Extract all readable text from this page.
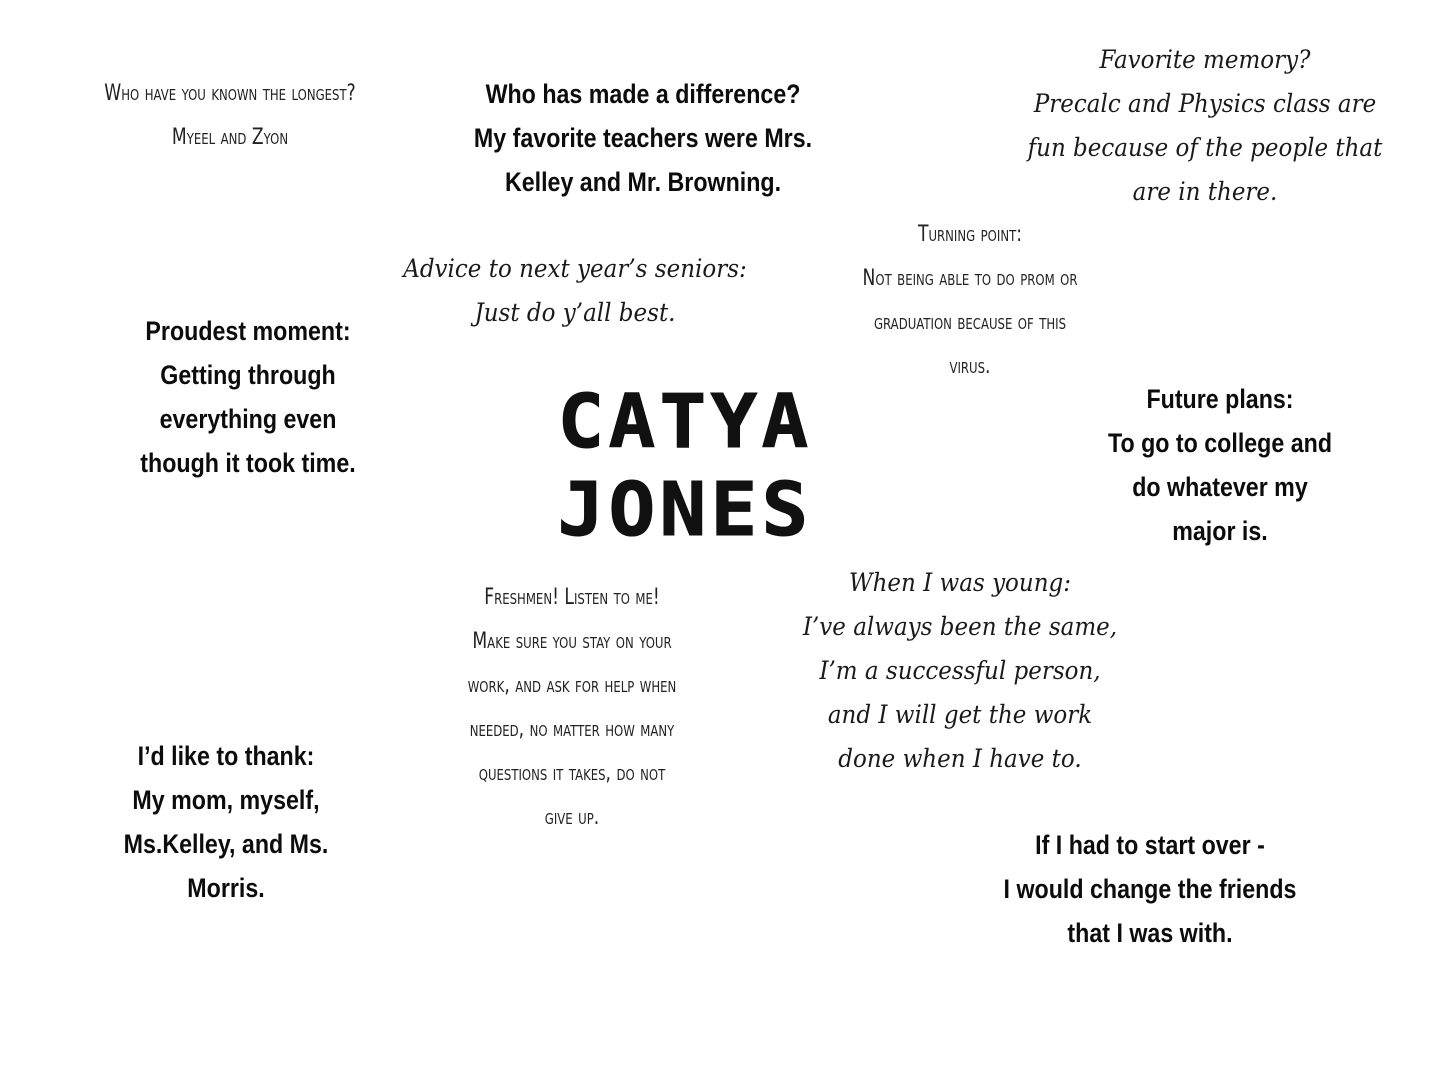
Who have you known the longest?
Myeel and Zyon
Who has made a difference?
My favorite teachers were Mrs.
Kelley and Mr. Browning.
Favorite memory?
Precalc and Physics class are
fun because of the people that
are in there.
Advice to next year’s seniors:
Just do y’all best.
Turning point:
Not being able to do prom or
graduation because of this
virus.
Proudest moment:
Getting through
everything even
though it took time.	CATYA
JONES
Future plans:
To go to college and
do whatever my
major is.
Freshmen! Listen to me!
Make sure you stay on your
work, and ask for help when
needed, no matter how many
questions it takes, do not
give up.
When I was young:
I’ve always been the same,
I’m a successful person,
and I will get the work
done when I have to.
I’d like to thank:
My mom, myself,
Ms.Kelley, and Ms.
Morris.
If I had to start over -
I would change the friends
that I was with.
